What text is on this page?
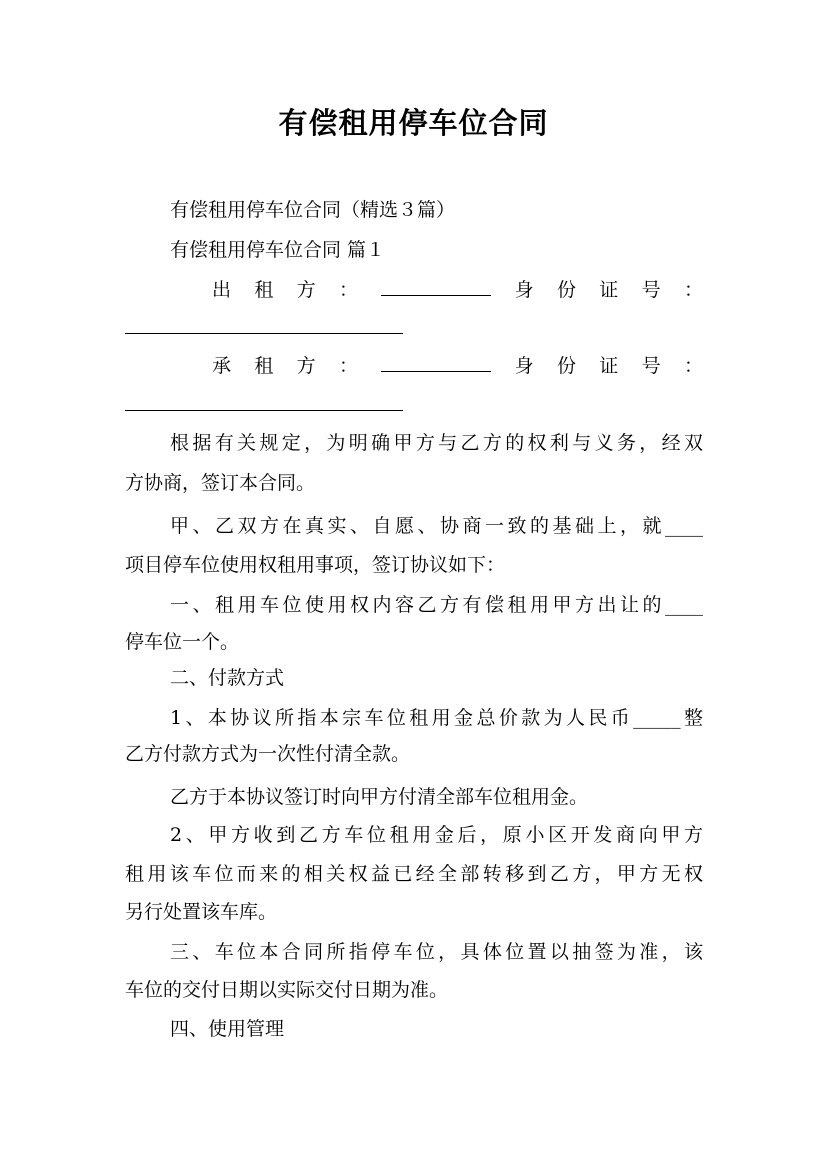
有偿租用停车位合同
有偿租用停车位合同（精选３篇）
有偿租用停车位合同 篇１
出 租 方 ：	身 份 证 号 ：
承 租 方 ：	身 份 证 号 ：
根据有关规定，为明确甲方与乙方的权利与义务，经双
方协商，签订本合同。
甲、乙双方在真实、自愿、协商一致的基础上，就____
项目停车位使用权租用事项，签订协议如下：
一、租用车位使用权内容乙方有偿租用甲方出让的____
停车位一个。
二、付款方式
1、本协议所指本宗车位租用金总价款为人民币_____整
乙方付款方式为一次性付清全款。
乙方于本协议签订时向甲方付清全部车位租用金。
2、甲方收到乙方车位租用金后，原小区开发商向甲方
租用该车位而来的相关权益已经全部转移到乙方，甲方无权
另行处置该车库。
三、车位本合同所指停车位，具体位置以抽签为准，该
车位的交付日期以实际交付日期为准。
四、使用管理
